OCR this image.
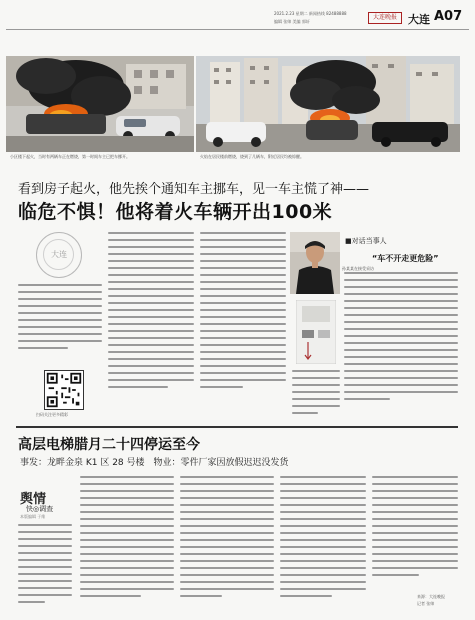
2021.2.23 星期二 新闻热线 82488888
编辑 张帅 美编 郭轩
大连晚报	大连 A07
小区楼下起火，当时有两辆车正在燃烧，第一时间车主已把车挪开。	火焰在居民楼前燃烧，烧到了几辆车，附近居民均被惊醒。
看到房子起火，他先挨个通知车主挪车，见一车主慌了神——
临危不惧！他将着火车辆开出100米
大连
扫码关注更多精彩
孙某某在接受采访
■对话当事人
“车不开走更危险”
高层电梯腊月二十四停运至今
事发：龙畔金泉 K1 区 28 号楼　物业：零件厂家因放假迟迟没发货
舆情
快◎调查
本版编辑 于维
来源：大连晚报
记者 张帅
